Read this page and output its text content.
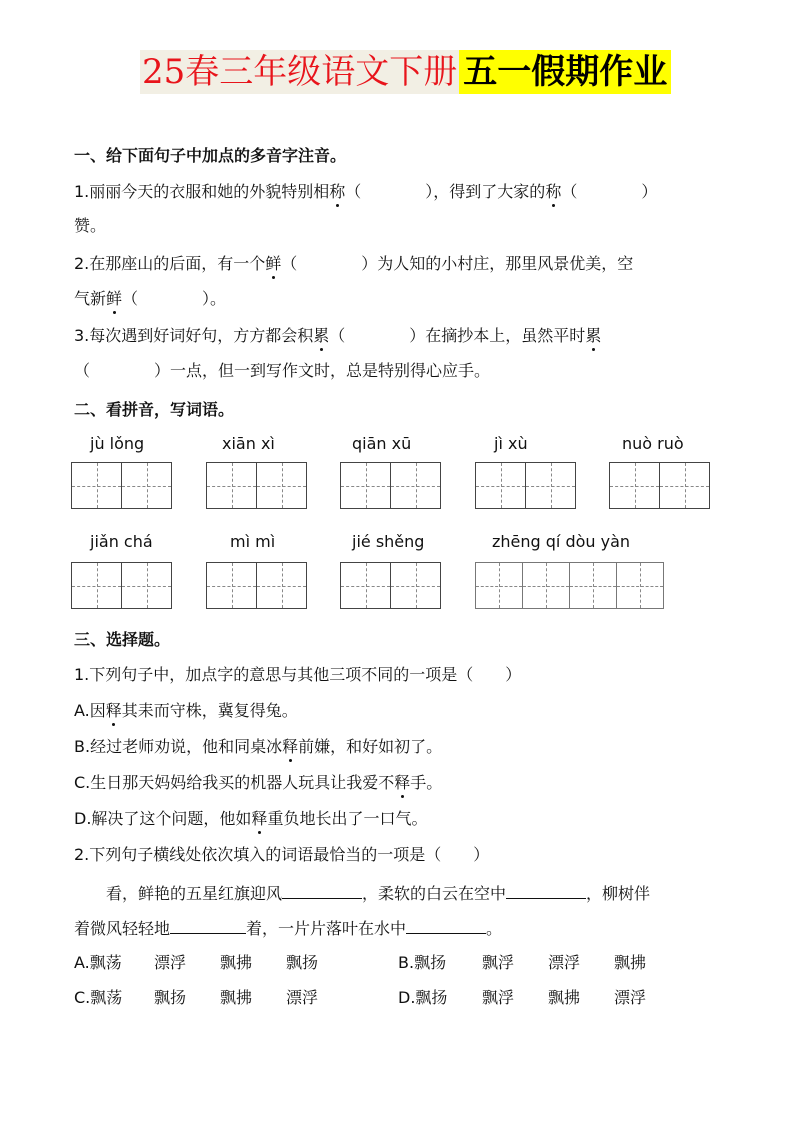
25春三年级语文下册 五一假期作业
一、给下面句子中加点的多音字注音。
1.丽丽今天的衣服和她的外貌特别相称（　　　　），得到了大家的称（　　　　）
赞。
2.在那座山的后面，有一个鲜（　　　　）为人知的小村庄，那里风景优美，空
气新鲜（　　　　）。
3.每次遇到好词好句，方方都会积累（　　　　）在摘抄本上，虽然平时累
（　　　　）一点，但一到写作文时，总是特别得心应手。
二、看拼音，写词语。
jù lǒng	xiān xì	qiān xū	jì xù	nuò ruò
jiǎn chá	mì mì	jié shěng	zhēng qí dòu yàn
三、选择题。
1.下列句子中，加点字的意思与其他三项不同的一项是（　　）
A.因释其耒而守株，冀复得兔。
B.经过老师劝说，他和同桌冰释前嫌，和好如初了。
C.生日那天妈妈给我买的机器人玩具让我爱不释手。
D.解决了这个问题，他如释重负地长出了一口气。
2.下列句子横线处依次填入的词语最恰当的一项是（　　）
看，鲜艳的五星红旗迎风	，柔软的白云在空中	，柳树伴
着微风轻轻地	着，一片片落叶在水中	。
A.飘荡 漂浮 飘拂 飘扬	B.飘扬 飘浮 漂浮 飘拂
C.飘荡 飘扬 飘拂 漂浮	D.飘扬 飘浮 飘拂 漂浮
